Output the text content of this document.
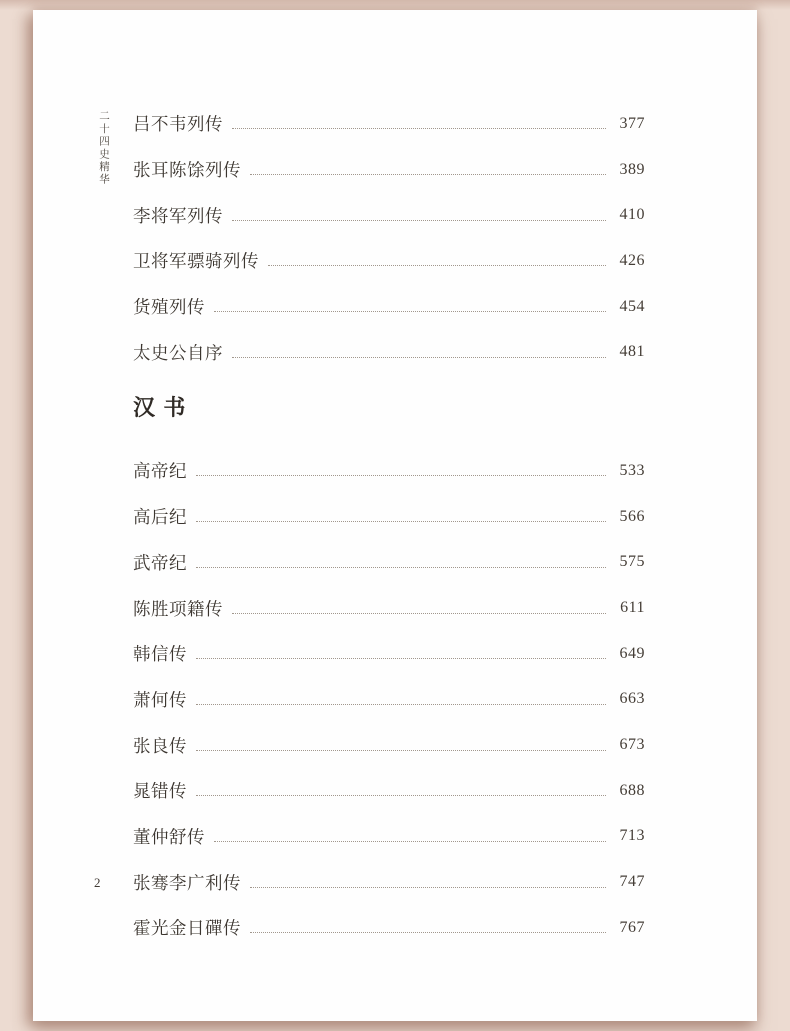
二十四史精华
2
吕不韦列传	377
张耳陈馀列传	389
李将军列传	410
卫将军骠骑列传	426
货殖列传	454
太史公自序	481
汉书
高帝纪	533
高后纪	566
武帝纪	575
陈胜项籍传	611
韩信传	649
萧何传	663
张良传	673
晁错传	688
董仲舒传	713
张骞李广利传	747
霍光金日磾传	767
